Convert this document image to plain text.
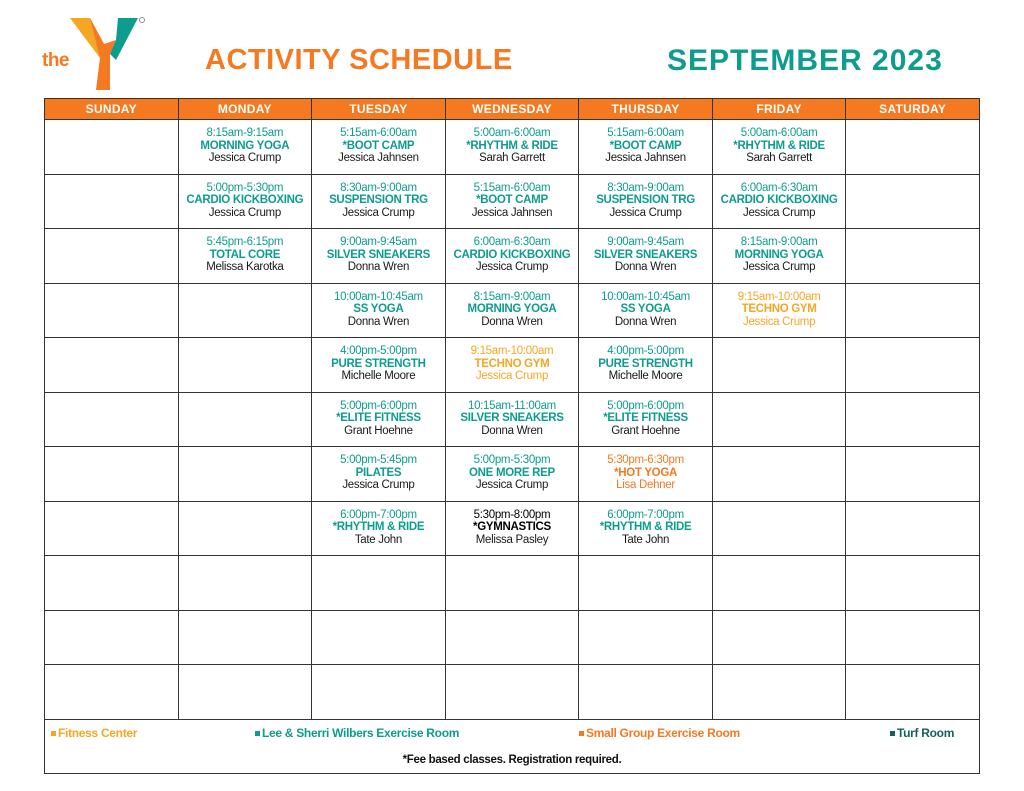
the	ACTIVITY SCHEDULE	SEPTEMBER 2023
SUNDAY	MONDAY	TUESDAY	WEDNESDAY	THURSDAY	FRIDAY	SATURDAY

	8:15am-9:15am
MORNING YOGA
Jessica Crump	5:15am-6:00am
*BOOT CAMP
Jessica Jahnsen	5:00am-6:00am
*RHYTHM & RIDE
Sarah Garrett	5:15am-6:00am
*BOOT CAMP
Jessica Jahnsen	5:00am-6:00am
*RHYTHM & RIDE
Sarah Garrett	

	5:00pm-5:30pm
CARDIO KICKBOXING
Jessica Crump	8:30am-9:00am
SUSPENSION TRG
Jessica Crump	5:15am-6:00am
*BOOT CAMP
Jessica Jahnsen	8:30am-9:00am
SUSPENSION TRG
Jessica Crump	6:00am-6:30am
CARDIO KICKBOXING
Jessica Crump	

	5:45pm-6:15pm
TOTAL CORE
Melissa Karotka	9:00am-9:45am
SILVER SNEAKERS
Donna Wren	6:00am-6:30am
CARDIO KICKBOXING
Jessica Crump	9:00am-9:45am
SILVER SNEAKERS
Donna Wren	8:15am-9:00am
MORNING YOGA
Jessica Crump	

		10:00am-10:45am
SS YOGA
Donna Wren	8:15am-9:00am
MORNING YOGA
Donna Wren	10:00am-10:45am
SS YOGA
Donna Wren	9:15am-10:00am
TECHNO GYM
Jessica Crump	

		4:00pm-5:00pm
PURE STRENGTH
Michelle Moore	9:15am-10:00am
TECHNO GYM
Jessica Crump	4:00pm-5:00pm
PURE STRENGTH
Michelle Moore		

		5:00pm-6:00pm
*ELITE FITNESS
Grant Hoehne	10:15am-11:00am
SILVER SNEAKERS
Donna Wren	5:00pm-6:00pm
*ELITE FITNESS
Grant Hoehne		

		5:00pm-5:45pm
PILATES
Jessica Crump	5:00pm-5:30pm
ONE MORE REP
Jessica Crump	5:30pm-6:30pm
*HOT YOGA
Lisa Dehner		

		6:00pm-7:00pm
*RHYTHM & RIDE
Tate John	5:30pm-8:00pm
*GYMNASTICS
Melissa Pasley	6:00pm-7:00pm
*RHYTHM & RIDE
Tate John		

Fitness Center	Lee & Sherri Wilbers Exercise Room	Small Group Exercise Room	Turf Room
*Fee based classes. Registration required.
